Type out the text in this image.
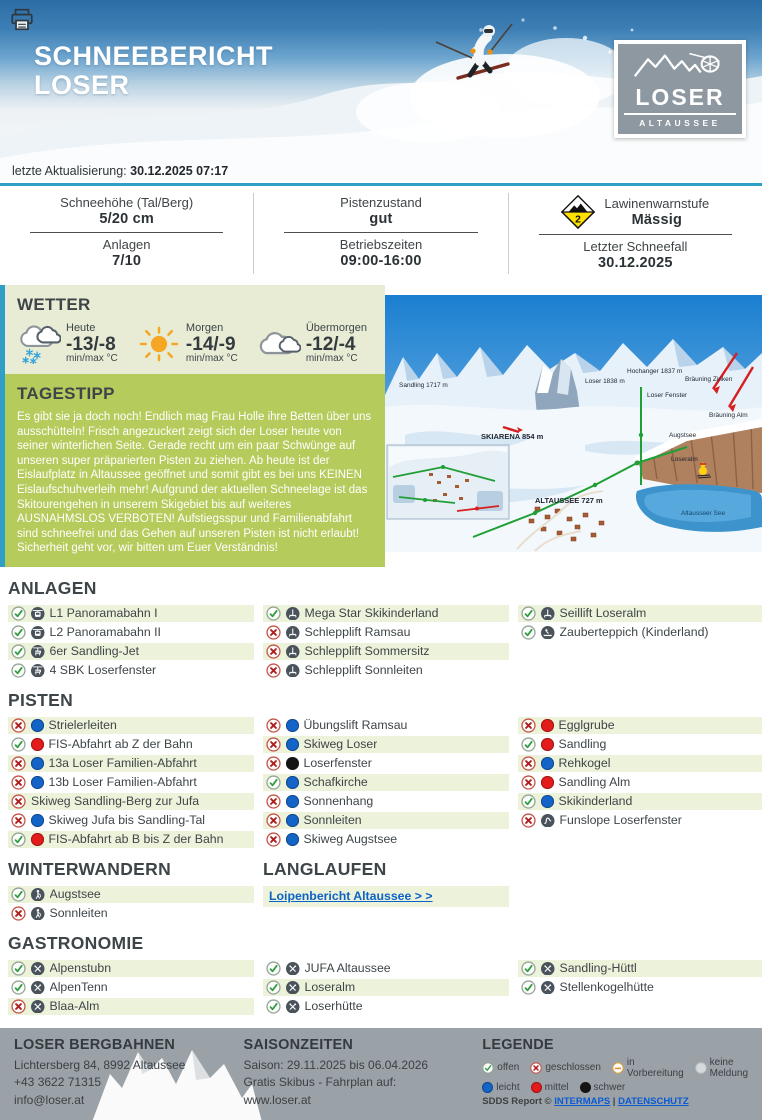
SCHNEEBERICHT
LOSER	LOSER
ALTAUSSEE
letzte Aktualisierung: 30.12.2025 07:17
Schneehöhe (Tal/Berg)
5/20 cm
Anlagen
7/10
Pistenzustand
gut
Betriebszeiten
09:00-16:00
2
Lawinenwarnstufe
Mässig
Letzter Schneefall
30.12.2025
WETTER
Heute
-13/-8
min/max °C
Morgen
-14/-9
min/max °C
Übermorgen
-12/-4
min/max °C
TAGESTIPP

Es gibt sie ja doch noch! Endlich mag Frau Holle ihre Betten über uns ausschütteln! Frisch angezuckert zeigt sich der Loser heute von seiner winterlichen Seite. Gerade recht um ein paar Schwünge auf unseren super präparierten Pisten zu ziehen. Ab heute ist der Eislaufplatz in Altaussee geöffnet und somit gibt es bei uns KEINEN Eislaufschuhverleih mehr! Aufgrund der aktuellen Schneelage ist das Skitourengehen in unserem Skigebiet bis auf weiteres AUSNAHMSLOS VERBOTEN! Aufstiegsspur und Familienabfahrt sind schneefrei und das Gehen auf unseren Pisten ist nicht erlaubt! Sicherheit geht vor, wir bitten um Euer Verständnis!

Sandling 1717 m
Loser 1838 m
Hochanger 1837 m
Loser Fenster
Bräuning Zinken
Bräuning Alm
Augstsee
Loseralm
Altausseer See
SKIARENA 854 m
ALTAUSSEE 727 m
ANLAGEN
L1 Panoramabahn I
L2 Panoramabahn II
6er Sandling-Jet
4 SBK Loserfenster
Mega Star Skikinderland
Schlepplift Ramsau
Schlepplift Sommersitz
Schlepplift Sonnleiten
Seillift Loseralm
Zauberteppich (Kinderland)
PISTEN
Strielerleiten
FIS-Abfahrt ab Z der Bahn
13a Loser Familien-Abfahrt
13b Loser Familien-Abfahrt
Skiweg Sandling-Berg zur Jufa
Skiweg Jufa bis Sandling-Tal
FIS-Abfahrt ab B bis Z der Bahn
Übungslift Ramsau
Skiweg Loser
Loserfenster
Schafkirche
Sonnenhang
Sonnleiten
Skiweg Augstsee
Egglgrube
Sandling
Rehkogel
Sandling Alm
Skikinderland
Funslope Loserfenster
WINTERWANDERN
Augstsee
Sonnleiten
LANGLAUFEN
Loipenbericht Altaussee > >
GASTRONOMIE
Alpenstubn
AlpenTenn
Blaa-Alm
JUFA Altaussee
Loseralm
Loserhütte
Sandling-Hüttl
Stellenkogelhütte
LOSER BERGBAHNEN
Lichtersberg 84, 8992 Altaussee
+43 3622 71315
info@loser.at
SAISONZEITEN
Saison: 29.11.2025 bis 06.04.2026
Gratis Skibus - Fahrplan auf:
www.loser.at
LEGENDE
offen	geschlossen	in Vorbereitung
keine Meldung
leicht	mittel	schwer
SDDS Report © INTERMAPS | DATENSCHUTZ
